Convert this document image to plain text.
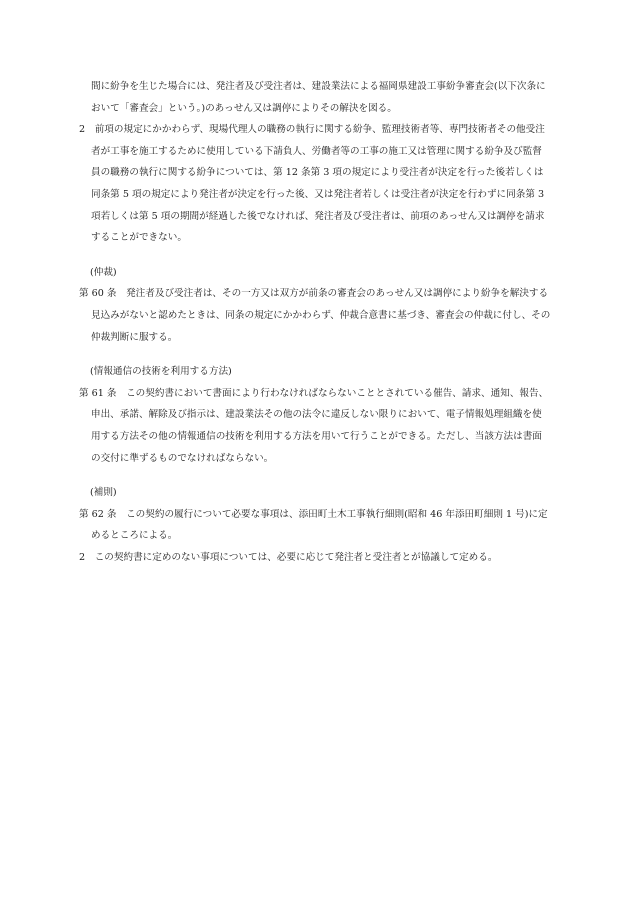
間に紛争を生じた場合には、発注者及び受注者は、建設業法による福岡県建設工事紛争審査会(以下次条において「審査会」という。)のあっせん又は調停によりその解決を図る。

2　前項の規定にかかわらず、現場代理人の職務の執行に関する紛争、監理技術者等、専門技術者その他受注者が工事を施工するために使用している下請負人、労働者等の工事の施工又は管理に関する紛争及び監督員の職務の執行に関する紛争については、第 12 条第 3 項の規定により受注者が決定を行った後若しくは同条第 5 項の規定により発注者が決定を行った後、又は発注者若しくは受注者が決定を行わずに同条第 3 項若しくは第 5 項の期間が経過した後でなければ、発注者及び受注者は、前項のあっせん又は調停を請求することができない。

(仲裁)

第 60 条　発注者及び受注者は、その一方又は双方が前条の審査会のあっせん又は調停により紛争を解決する見込みがないと認めたときは、同条の規定にかかわらず、仲裁合意書に基づき、審査会の仲裁に付し、その仲裁判断に服する。

(情報通信の技術を利用する方法)

第 61 条　この契約書において書面により行わなければならないこととされている催告、請求、通知、報告、申出、承諾、解除及び指示は、建設業法その他の法令に違反しない限りにおいて、電子情報処理組織を使用する方法その他の情報通信の技術を利用する方法を用いて行うことができる。ただし、当該方法は書面の交付に準ずるものでなければならない。

(補則)

第 62 条　この契約の履行について必要な事項は、添田町土木工事執行細則(昭和 46 年添田町細則 1 号)に定めるところによる。

2　この契約書に定めのない事項については、必要に応じて発注者と受注者とが協議して定める。
